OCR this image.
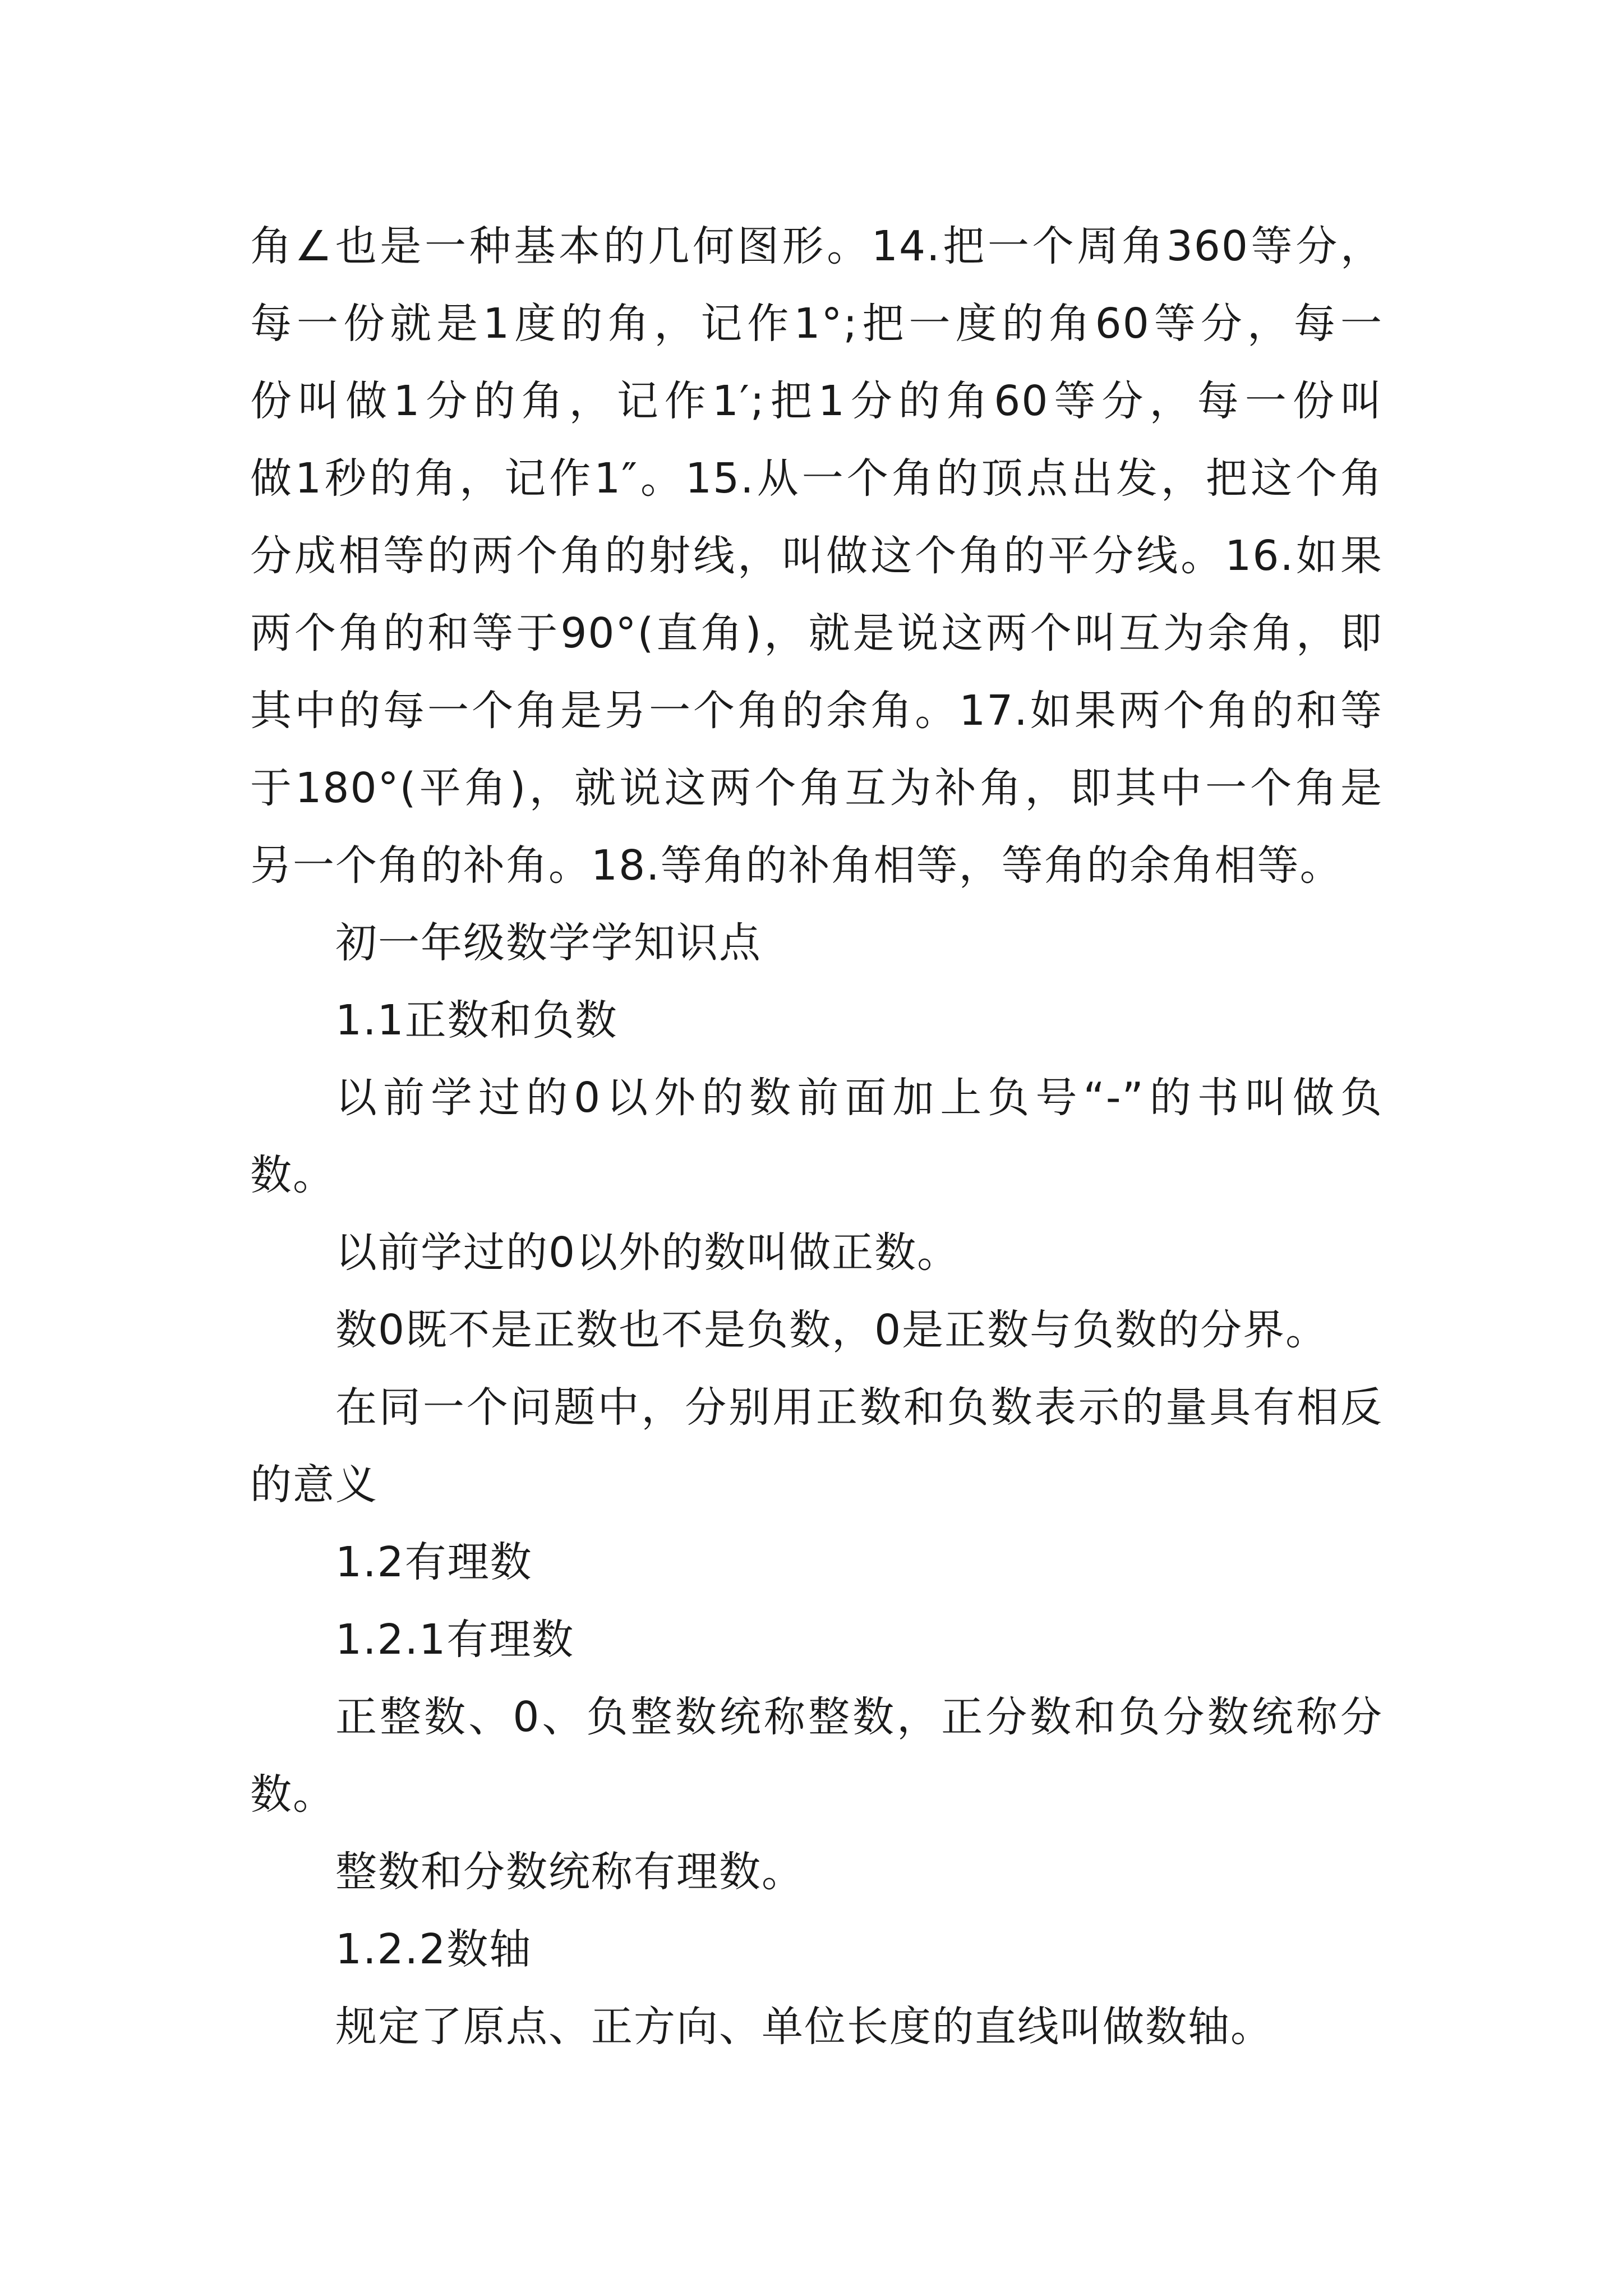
角∠也是一种基本的几何图形。14.把一个周角360等分，
每一份就是1度的角，记作1°;把一度的角60等分，每一
份叫做1分的角，记作1′;把1分的角60等分，每一份叫
做1秒的角，记作1″。15.从一个角的顶点出发，把这个角
分成相等的两个角的射线，叫做这个角的平分线。16.如果
两个角的和等于90°(直角)，就是说这两个叫互为余角，即
其中的每一个角是另一个角的余角。17.如果两个角的和等
于180°(平角)，就说这两个角互为补角，即其中一个角是
另一个角的补角。18.等角的补角相等，等角的余角相等。
初一年级数学学知识点
1.1正数和负数
以前学过的0以外的数前面加上负号“-”的书叫做负
数。
以前学过的0以外的数叫做正数。
数0既不是正数也不是负数，0是正数与负数的分界。
在同一个问题中，分别用正数和负数表示的量具有相反
的意义
1.2有理数
1.2.1有理数
正整数、0、负整数统称整数，正分数和负分数统称分
数。
整数和分数统称有理数。
1.2.2数轴
规定了原点、正方向、单位长度的直线叫做数轴。
